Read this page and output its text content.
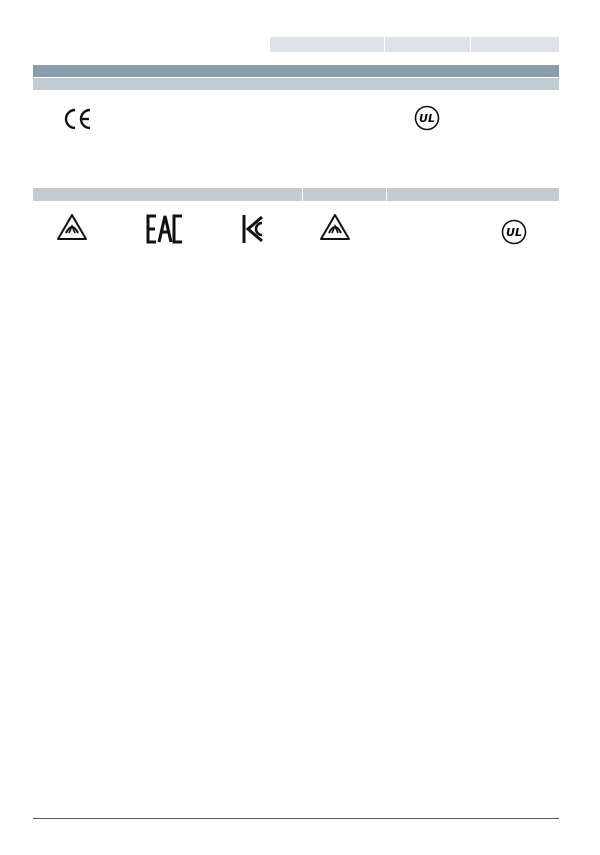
UL
UL
